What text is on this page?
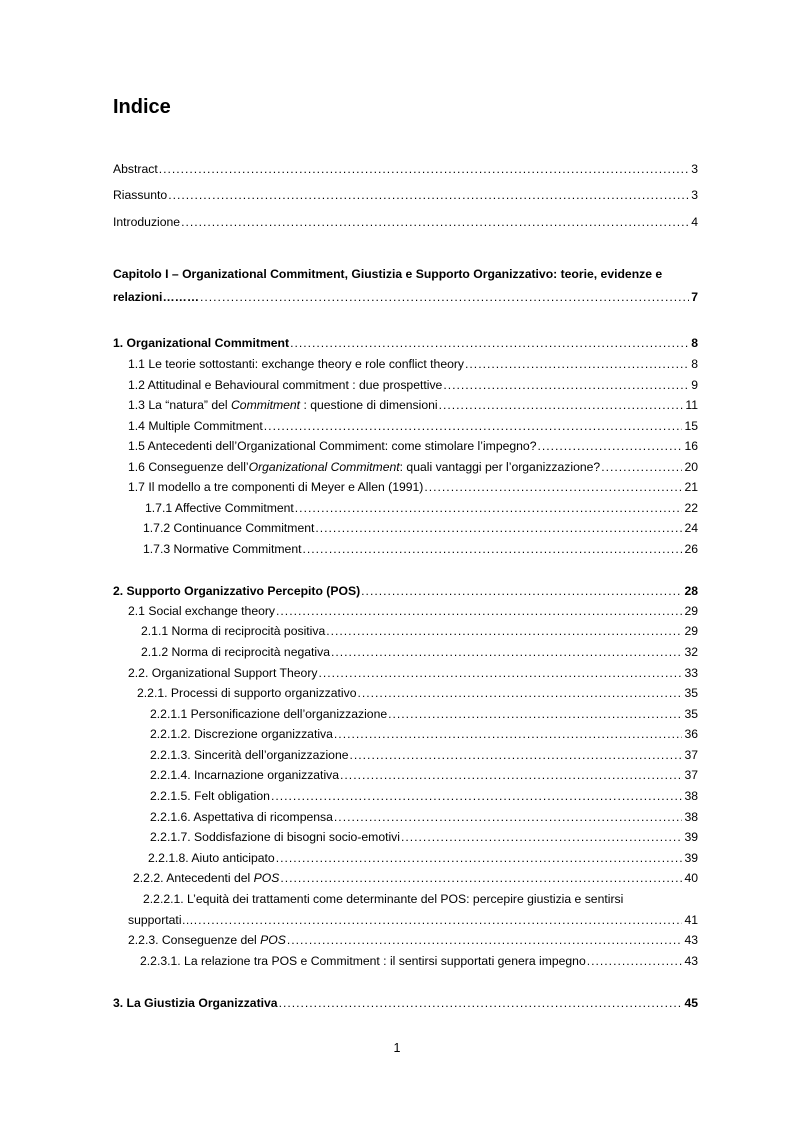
Indice
Abstract .....	3
Riassunto .....	3
Introduzione .....	4
Capitolo I – Organizational Commitment, Giustizia e Supporto Organizzativo: teorie, evidenze e
relazioni……… .....	7
1. Organizational Commitment .....	8
1.1 Le teorie sottostanti: exchange theory e role conflict theory .....	8
1.2 Attitudinal e Behavioural commitment : due prospettive .....	9
1.3 La “natura” del Commitment : questione di dimensioni .....	11
1.4 Multiple Commitment .....	15
1.5 Antecedenti dell’Organizational Commiment: come stimolare l’impegno? .....	16
1.6 Conseguenze dell’Organizational Commitment: quali vantaggi per l’organizzazione? .....	20
1.7 Il modello a tre componenti di Meyer e Allen (1991) .....	21
1.7.1 Affective Commitment .....	22
1.7.2 Continuance Commitment .....	24
1.7.3 Normative Commitment .....	26
2. Supporto Organizzativo Percepito (POS) .....	28
2.1 Social exchange theory .....	29
2.1.1 Norma di reciprocità positiva .....	29
2.1.2 Norma di reciprocità negativa .....	32
2.2. Organizational Support Theory .....	33
2.2.1. Processi di supporto organizzativo .....	35
2.2.1.1 Personificazione dell’organizzazione .....	35
2.2.1.2. Discrezione organizzativa .....	36
2.2.1.3. Sincerità dell’organizzazione .....	37
2.2.1.4. Incarnazione organizzativa .....	37
2.2.1.5. Felt obligation .....	38
2.2.1.6. Aspettativa di ricompensa .....	38
2.2.1.7. Soddisfazione di bisogni socio-emotivi .....	39
2.2.1.8. Aiuto anticipato .....	39
2.2.2. Antecedenti del POS .....	40
2.2.2.1. L’equità dei trattamenti come determinante del POS: percepire giustizia e sentirsi
supportati…. .....	41
2.2.3. Conseguenze del POS .....	43
2.2.3.1. La relazione tra POS e Commitment : il sentirsi supportati genera impegno .....	43
3. La Giustizia Organizzativa .....	45
1
